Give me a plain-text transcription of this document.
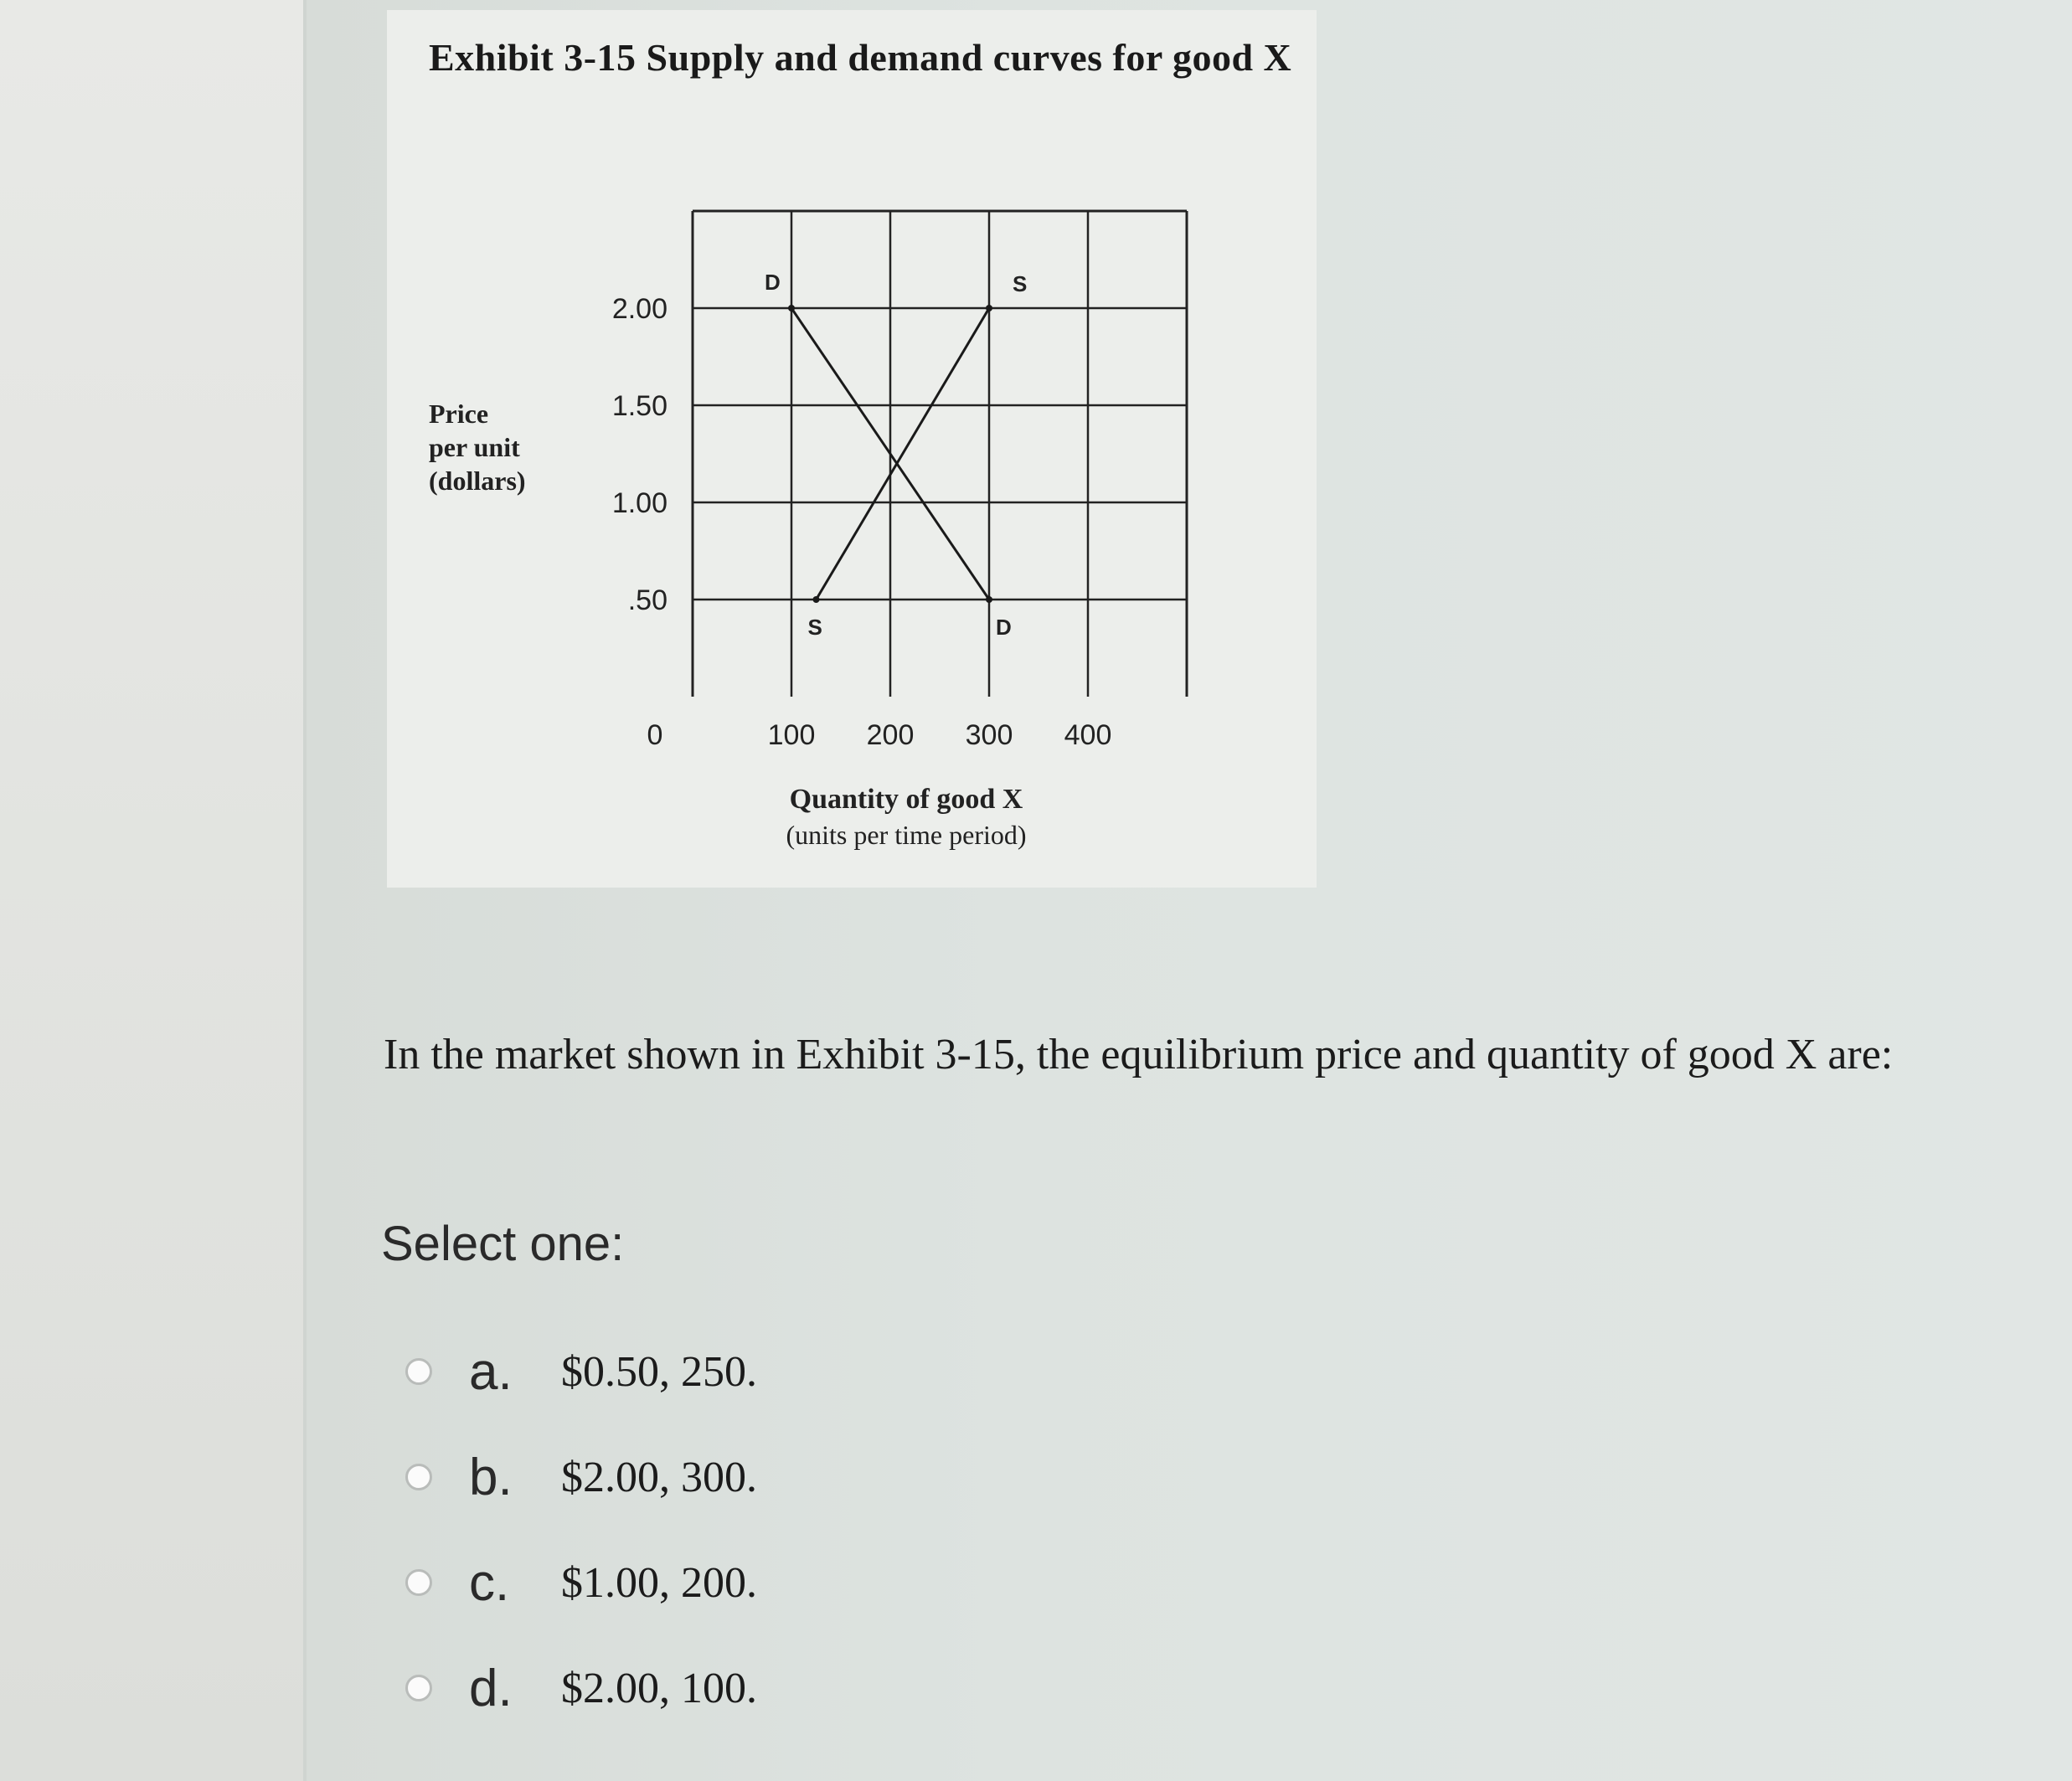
Exhibit 3-15 Supply and demand curves for good X
Price
per unit
(dollars)
.50
1.00
1.50
2.00
0	100 200 300 400
D
D
S
S
Quantity of good X
(units per time period)
In the market shown in Exhibit 3-15, the equilibrium price and quantity of good X are:
Select one:
a.	$0.50, 250.
b.	$2.00, 300.
c.	$1.00, 200.
d.	$2.00, 100.
